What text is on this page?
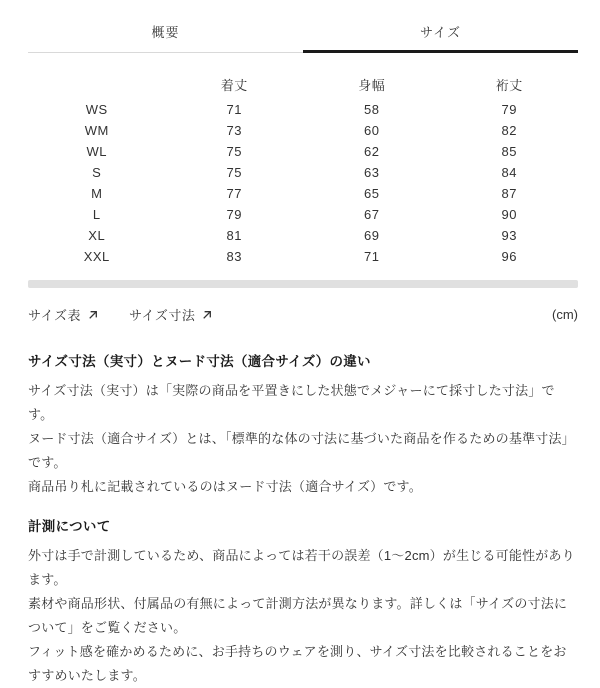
概要	サイズ
	着丈	身幅	裄丈
WS	71	58	79
WM	73	60	82
WL	75	62	85
S	75	63	84
M	77	65	87
L	79	67	90
XL	81	69	93
XXL	83	71	96
サイズ表	サイズ寸法	(cm)
サイズ寸法（実寸）とヌード寸法（適合サイズ）の違い

サイズ寸法（実寸）は「実際の商品を平置きにした状態でメジャーにて採寸した寸法」です。

ヌード寸法（適合サイズ）とは、「標準的な体の寸法に基づいた商品を作るための基準寸法」です。

商品吊り札に記載されているのはヌード寸法（適合サイズ）です。

計測について

外寸は手で計測しているため、商品によっては若干の誤差（1〜2cm）が生じる可能性があります。

素材や商品形状、付属品の有無によって計測方法が異なります。詳しくは「サイズの寸法について」をご覧ください。

フィット感を確かめるために、お手持ちのウェアを測り、サイズ寸法を比較されることをおすすめいたします。
